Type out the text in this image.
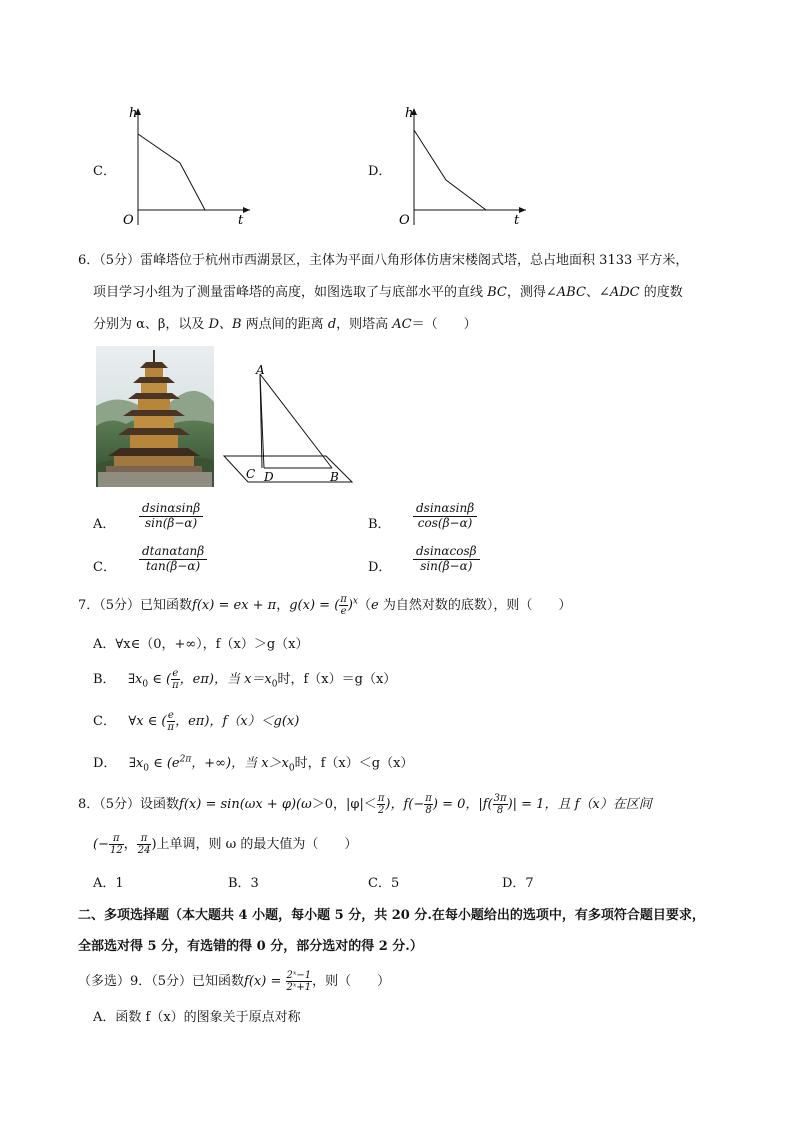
C．
h
t
O
D．
h
t
O
6．（5分）雷峰塔位于杭州市西湖景区，主体为平面八角形体仿唐宋楼阁式塔，总占地面积 3133 平方米，
项目学习小组为了测量雷峰塔的高度，如图选取了与底部水平的直线 BC，测得∠ABC、∠ADC 的度数
分别为 α、β，以及 D、B 两点间的距离 d，则塔高 AC＝（　　）
A
C D	B
A． $\frac{dsin\alpha\sin\beta}{\sin(\beta-\alpha)}$	B． $\frac{dsin\alpha\sin\beta}{\cos(\beta-\alpha)}$
C． $\frac{dtan\alpha\tan\beta}{\tan(\beta-\alpha)}$	D． $\frac{dsin\alpha\cos\beta}{\sin(\beta-\alpha)}$
7．（5分）已知函数f(x) = ex + π，g(x) = ( $\frac{\pi}{e} )^x(e$ 为自然对数的底数），则（　　）
A．∀x∈（0，+∞），f（x）＞g（x）
B． $\exists x_0$ ∈ ( $\frac{e}{\pi}$ ，eπ)，当 $x=x_0$时，f（x）＝g（x）
C． ∀x ∈ ( $\frac{e}{\pi}$ ，eπ)，f（x）＜g(x)
D． $\exists x_0$ ∈ ($e^{2\pi}$，+∞)，当 $x>x_0$时，f（x）＜g（x）
8．（5分）设函数f(x) = sin(ωx + φ)(ω＞0，$|\varphi|< \frac{\pi}{2}$ )，$f(- \frac{\pi}{8}$ ) = 0，$|f( \frac{3\pi}{8}$ )| = 1，且 f（x）在区间
(− $\frac{\pi}{12}$ ， $\frac{\pi}{24}$ )上单调，则 ω 的最大值为（　　）
A．1	B．3	C．5	D．7
二、多项选择题（本大题共 4 小题，每小题 5 分，共 20 分.在每小题给出的选项中，有多项符合题目要求，
全部选对得 5 分，有选错的得 0 分，部分选对的得 2 分.）
（多选）9．（5分）已知函数$f(x) = \frac{\text{2ˣ−1}}{\text{2ˣ+1}}$ ，则（　　）
A．函数 f（x）的图象关于原点对称
